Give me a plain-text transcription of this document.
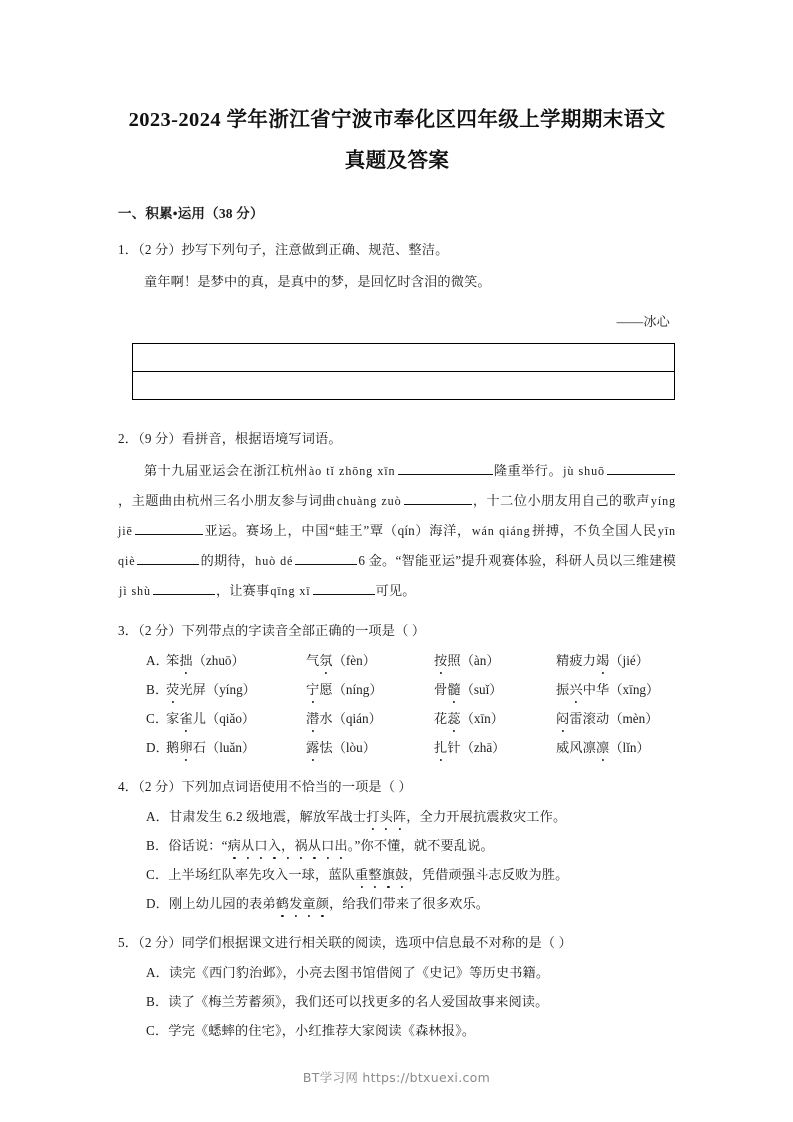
2023-2024 学年浙江省宁波市奉化区四年级上学期期末语文
真题及答案
一、积累•运用（38 分）
1．（2 分）抄写下列句子，注意做到正确、规范、整洁。
童年啊！是梦中的真，是真中的梦，是回忆时含泪的微笑。
——冰心
2．（9 分）看拼音，根据语境写词语。
第十九届亚运会在浙江杭州ào tǐ zhōng xīn	隆重举行。jù shuō，主题曲由杭州三名小朋友参与词曲chuàng zuò	，十二位小朋友用自己的歌声yíng jiē	亚运。赛场上，中国“蛙王”覃（qín）海洋，wán qiáng拼搏，不负全国人民yīn qiè	的期待，huò dé	6 金。“智能亚运”提升观赛体验，科研人员以三维建模jì shù	，让赛事qīng xī	可见。
3．（2 分）下列带点的字读音全部正确的一项是（ ）
A．
笨拙（zhuō）	气氛（fèn）	按照（àn）	精疲力竭（jié）
B．
荧光屏（yíng）	宁愿（níng）	骨髓（suǐ）	振兴中华（xīng）
C．
家雀儿（qiǎo）	潜水（qián）	花蕊（xīn）	闷雷滚动（mèn）
D．
鹅卵石（luǎn）	露怯（lòu）	扎针（zhā）	威风凛凛（lǐn）
4．（2 分）下列加点词语使用不恰当的一项是（ ）
A．甘肃发生 6.2 级地震，解放军战士打头阵，全力开展抗震救灾工作。
B．俗话说：“病从口入，祸从口出。”你不懂，就不要乱说。
C．上半场红队率先攻入一球，蓝队重整旗鼓，凭借顽强斗志反败为胜。
D．刚上幼儿园的表弟鹤发童颜，给我们带来了很多欢乐。
5．（2 分）同学们根据课文进行相关联的阅读，选项中信息最不对称的是（ ）
A．读完《西门豹治邺》，小亮去图书馆借阅了《史记》等历史书籍。
B．读了《梅兰芳蓄须》，我们还可以找更多的名人爱国故事来阅读。
C．学完《蟋蟀的住宅》，小红推荐大家阅读《森林报》。
BT学习网 https://btxuexi.com
